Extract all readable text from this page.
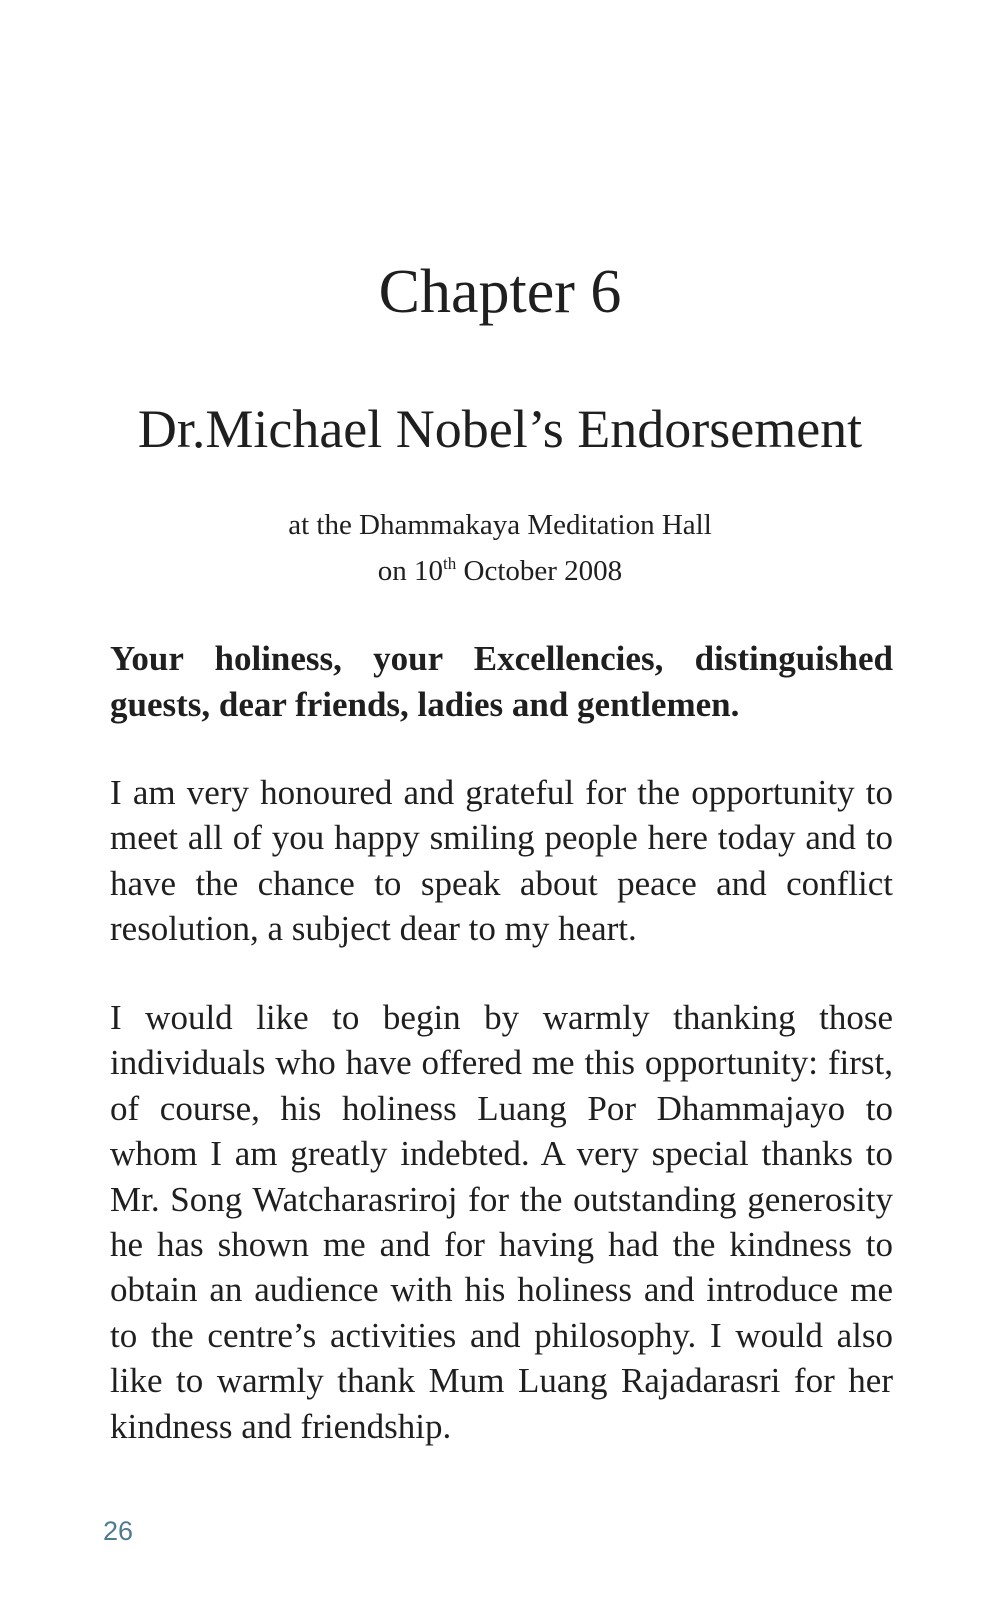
Chapter 6
Dr.Michael Nobel’s Endorsement
at the Dhammakaya Meditation Hall
on 10th October 2008

Your holiness, your Excellencies, distinguished guests, dear friends, ladies and gentlemen.

I am very honoured and grateful for the opportunity to meet all of you happy smiling people here today and to have the chance to speak about peace and conflict resolution, a subject dear to my heart.

I would like to begin by warmly thanking those individuals who have offered me this opportunity: first, of course, his holiness Luang Por Dhammajayo to whom I am greatly indebted. A very special thanks to Mr. Song Watcharasriroj for the outstanding generosity he has shown me and for having had the kindness to obtain an audience with his holiness and introduce me to the centre’s activities and philosophy. I would also like to warmly thank Mum Luang Rajadarasri for her kindness and friendship.

26
